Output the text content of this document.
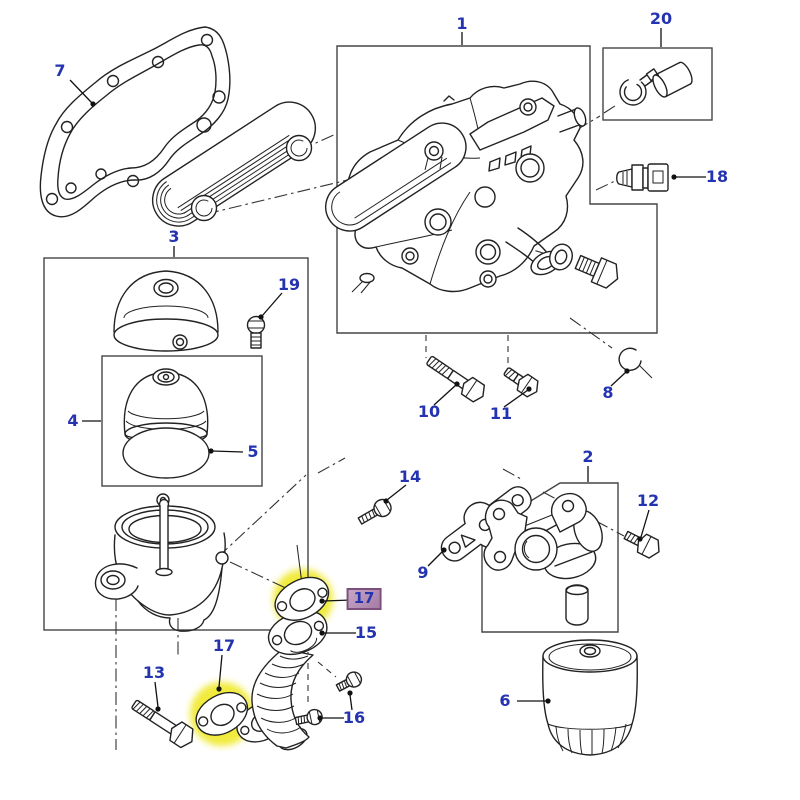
1
2
3
4
5
6
7
8
9
10	11
12
13
14
15
16
17
17
18
19
20
